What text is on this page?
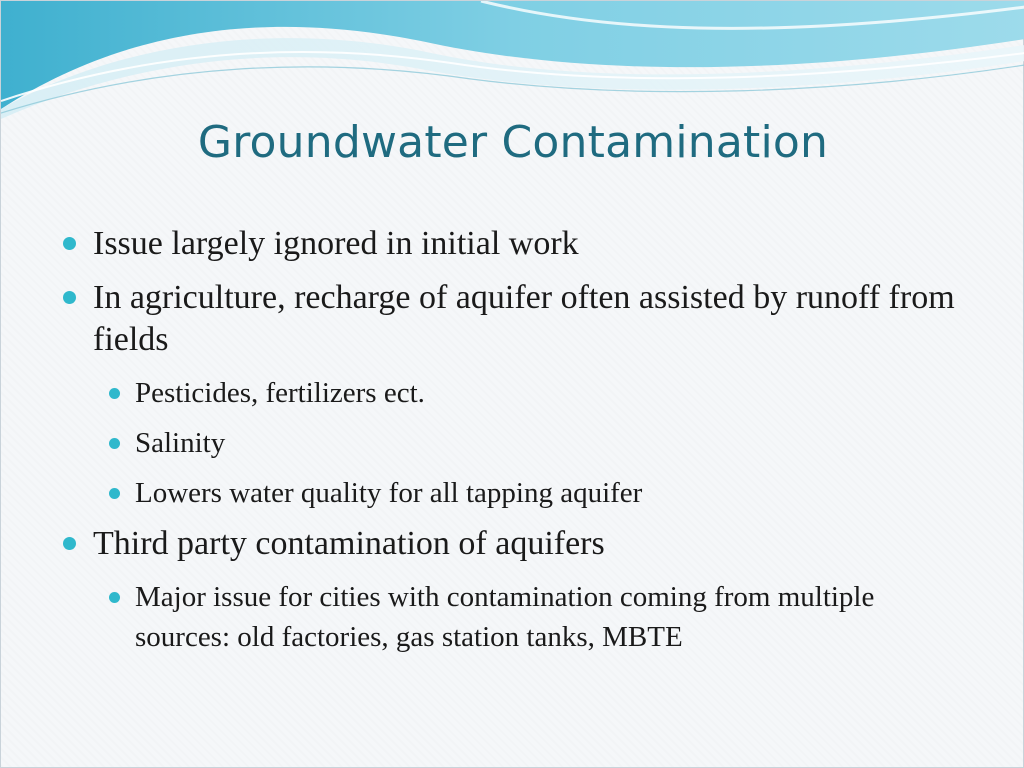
Groundwater Contamination
Issue largely ignored in initial work
In agriculture, recharge of aquifer often assisted by runoff from fields
Pesticides, fertilizers ect.
Salinity
Lowers water quality for all tapping aquifer
Third party contamination of aquifers
Major issue for cities with contamination coming from multiple sources: old factories, gas station tanks, MBTE
